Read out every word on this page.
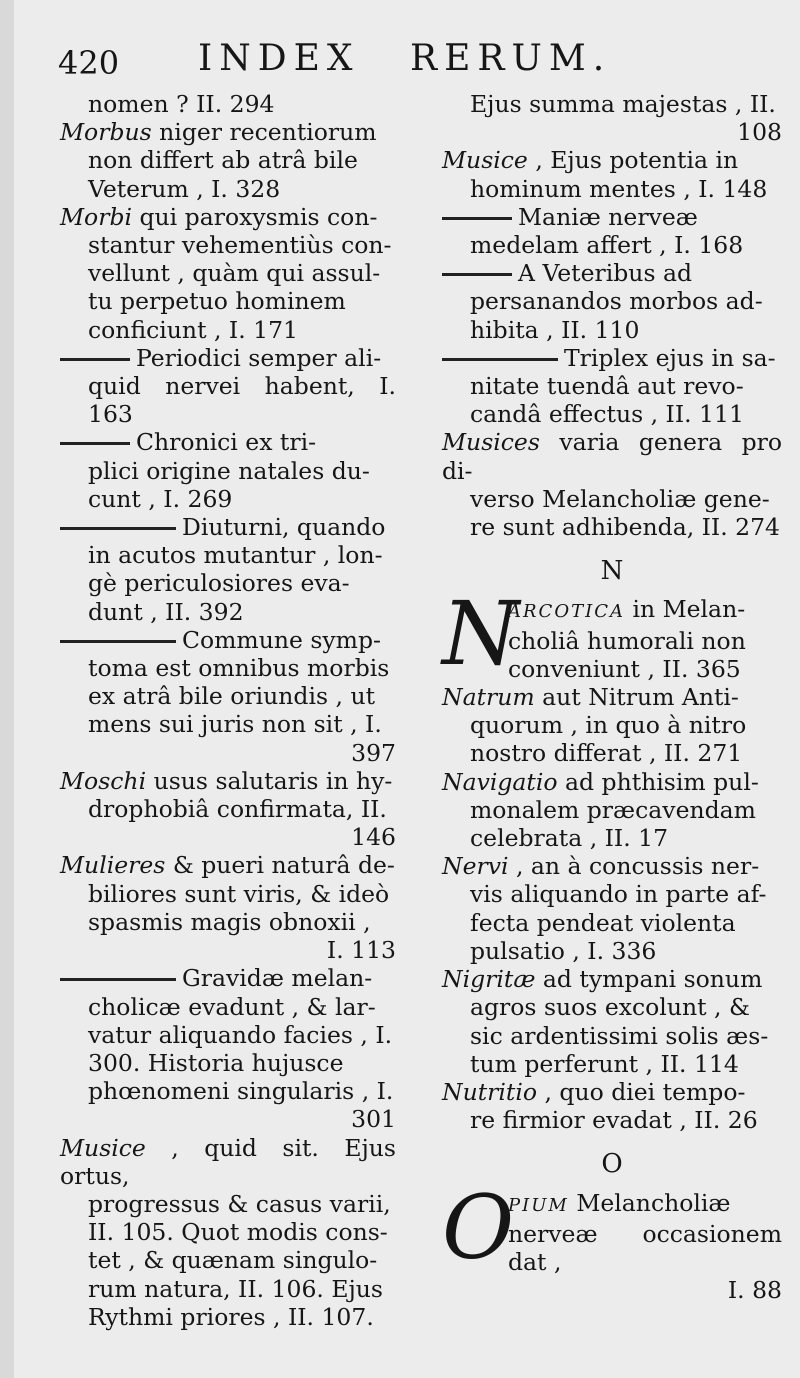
420 INDEX RERUM.
nomen ? II. 294
Morbus niger recentiorum
non differt ab atrâ bile
Veterum , I. 328
Morbi qui paroxysmis con-
stantur vehementiùs con-
vellunt , quàm qui assul-
tu perpetuo hominem
conficiunt , I. 171
Periodici semper ali-
quid nervei habent, I. 163
Chronici ex tri-
plici origine natales du-
cunt , I. 269
Diuturni, quando
in acutos mutantur , lon-
gè periculosiores eva-
dunt , II. 392
Commune symp-
toma est omnibus morbis
ex atrâ bile oriundis , ut
mens sui juris non sit , I.
397
Moschi usus salutaris in hy-
drophobiâ confirmata, II.
146
Mulieres & pueri naturâ de-
biliores sunt viris, & ideò
spasmis magis obnoxii ,
I. 113
Gravidæ melan-
cholicæ evadunt , & lar-
vatur aliquando facies , I.
300. Historia hujusce
phœnomeni singularis , I.
301
Musice , quid sit. Ejus ortus,
progressus & casus varii,
II. 105. Quot modis cons-
tet , & quænam singulo-
rum natura, II. 106. Ejus
Rythmi priores , II. 107.
Ejus summa majestas , II.
108
Musice , Ejus potentia in
hominum mentes , I. 148
Maniæ nerveæ
medelam affert , I. 168
A Veteribus ad
persanandos morbos ad-
hibita , II. 110
Triplex ejus in sa-
nitate tuendâ aut revo-
candâ effectus , II. 111
Musices varia genera pro di-
verso Melancholiæ gene-
re sunt adhibenda, II. 274
N
N
ARCOTICA in Melan-
choliâ humorali non
conveniunt , II. 365
Natrum aut Nitrum Anti-
quorum , in quo à nitro
nostro differat , II. 271
Navigatio ad phthisim pul-
monalem præcavendam
celebrata , II. 17
Nervi , an à concussis ner-
vis aliquando in parte af-
fecta pendeat violenta
pulsatio , I. 336
Nigritæ ad tympani sonum
agros suos excolunt , &
sic ardentissimi solis æs-
tum perferunt , II. 114
Nutritio , quo diei tempo-
re firmior evadat , II. 26
O
O
PIUM Melancholiæ
nerveæ occasionem dat ,
I. 88
